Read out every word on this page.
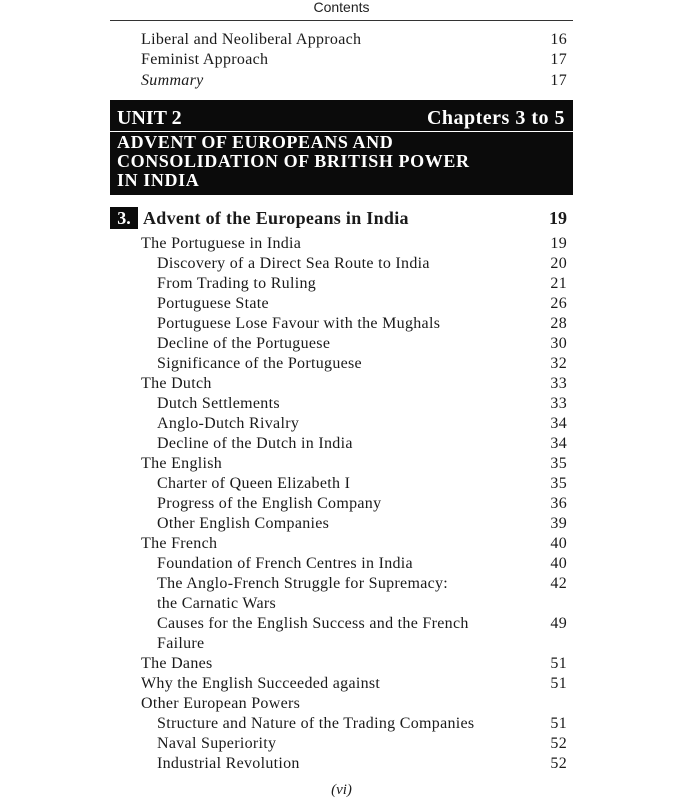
Contents
Liberal and Neoliberal Approach	16
Feminist Approach	17
Summary	17
UNIT 2	Chapters 3 to 5
ADVENT OF EUROPEANS AND
CONSOLIDATION OF BRITISH POWER
IN INDIA
3. Advent of the Europeans in India	19
The Portuguese in India	19
Discovery of a Direct Sea Route to India	20
From Trading to Ruling	21
Portuguese State	26
Portuguese Lose Favour with the Mughals	28
Decline of the Portuguese	30
Significance of the Portuguese	32
The Dutch	33
Dutch Settlements	33
Anglo-Dutch Rivalry	34
Decline of the Dutch in India	34
The English	35
Charter of Queen Elizabeth I	35
Progress of the English Company	36
Other English Companies	39
The French	40
Foundation of French Centres in India	40
The Anglo-French Struggle for Supremacy:	42
the Carnatic Wars
Causes for the English Success and the French	49
Failure
The Danes	51
Why the English Succeeded against	51
Other European Powers
Structure and Nature of the Trading Companies	51
Naval Superiority	52
Industrial Revolution	52
(vi)
